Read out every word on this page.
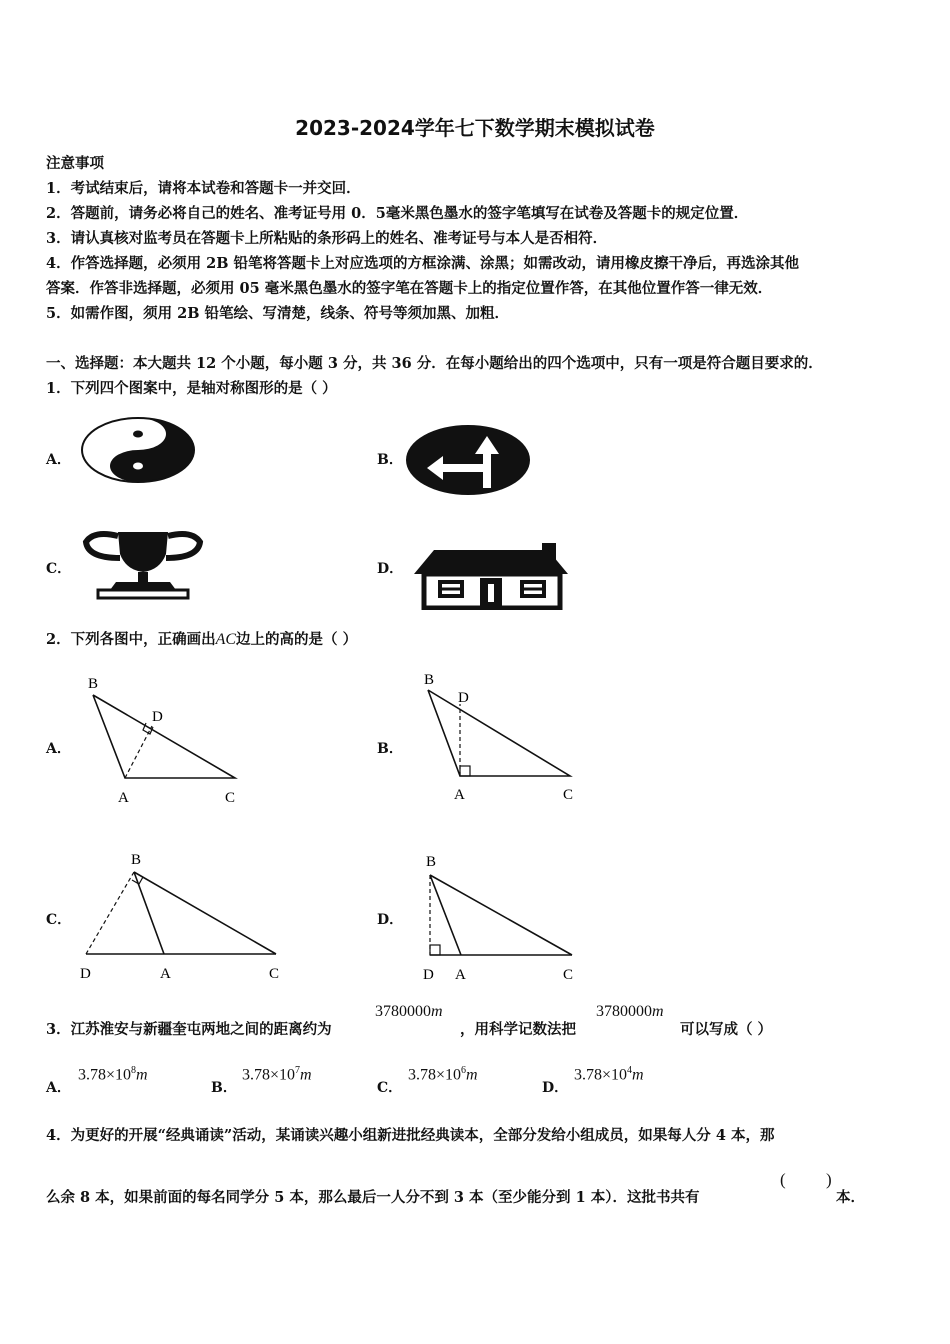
2023-2024学年七下数学期末模拟试卷
注意事项
1．考试结束后，请将本试卷和答题卡一并交回．
2．答题前，请务必将自己的姓名、准考证号用 0．5毫米黑色墨水的签字笔填写在试卷及答题卡的规定位置．
3．请认真核对监考员在答题卡上所粘贴的条形码上的姓名、准考证号与本人是否相符．
4．作答选择题，必须用 2B 铅笔将答题卡上对应选项的方框涂满、涂黑；如需改动，请用橡皮擦干净后，再选涂其他
答案．作答非选择题，必须用 05 毫米黑色墨水的签字笔在答题卡上的指定位置作答，在其他位置作答一律无效．
5．如需作图，须用 2B 铅笔绘、写清楚，线条、符号等须加黑、加粗．
一、选择题：本大题共 12 个小题，每小题 3 分，共 36 分．在每小题给出的四个选项中，只有一项是符合题目要求的．
1．下列四个图案中，是轴对称图形的是（ ）
A．	B．
C．	D．
2．下列各图中，正确画出AC边上的高的是（ ）
A．
B
D
A	C
B．
B
D
A	C
C．
B
D	A	C
D．
B
D A	C
3．江苏淮安与新疆奎屯两地之间的距离约为
3780000m
，用科学记数法把
3780000m
可以写成（ ）
A．
$3.78\times 10^8m$
B．
$3.78\times 10^7m$
C．
$3.78\times 10^6m$
D．
$3.78\times 10^4m$
4．为更好的开展“经典诵读”活动，某诵读兴趣小组新进批经典读本，全部分发给小组成员，如果每人分 4 本，那
么余 8 本，如果前面的每名同学分 5 本，那么最后一人分不到 3 本（至少能分到 1 本）．这批书共有
( )
本．
